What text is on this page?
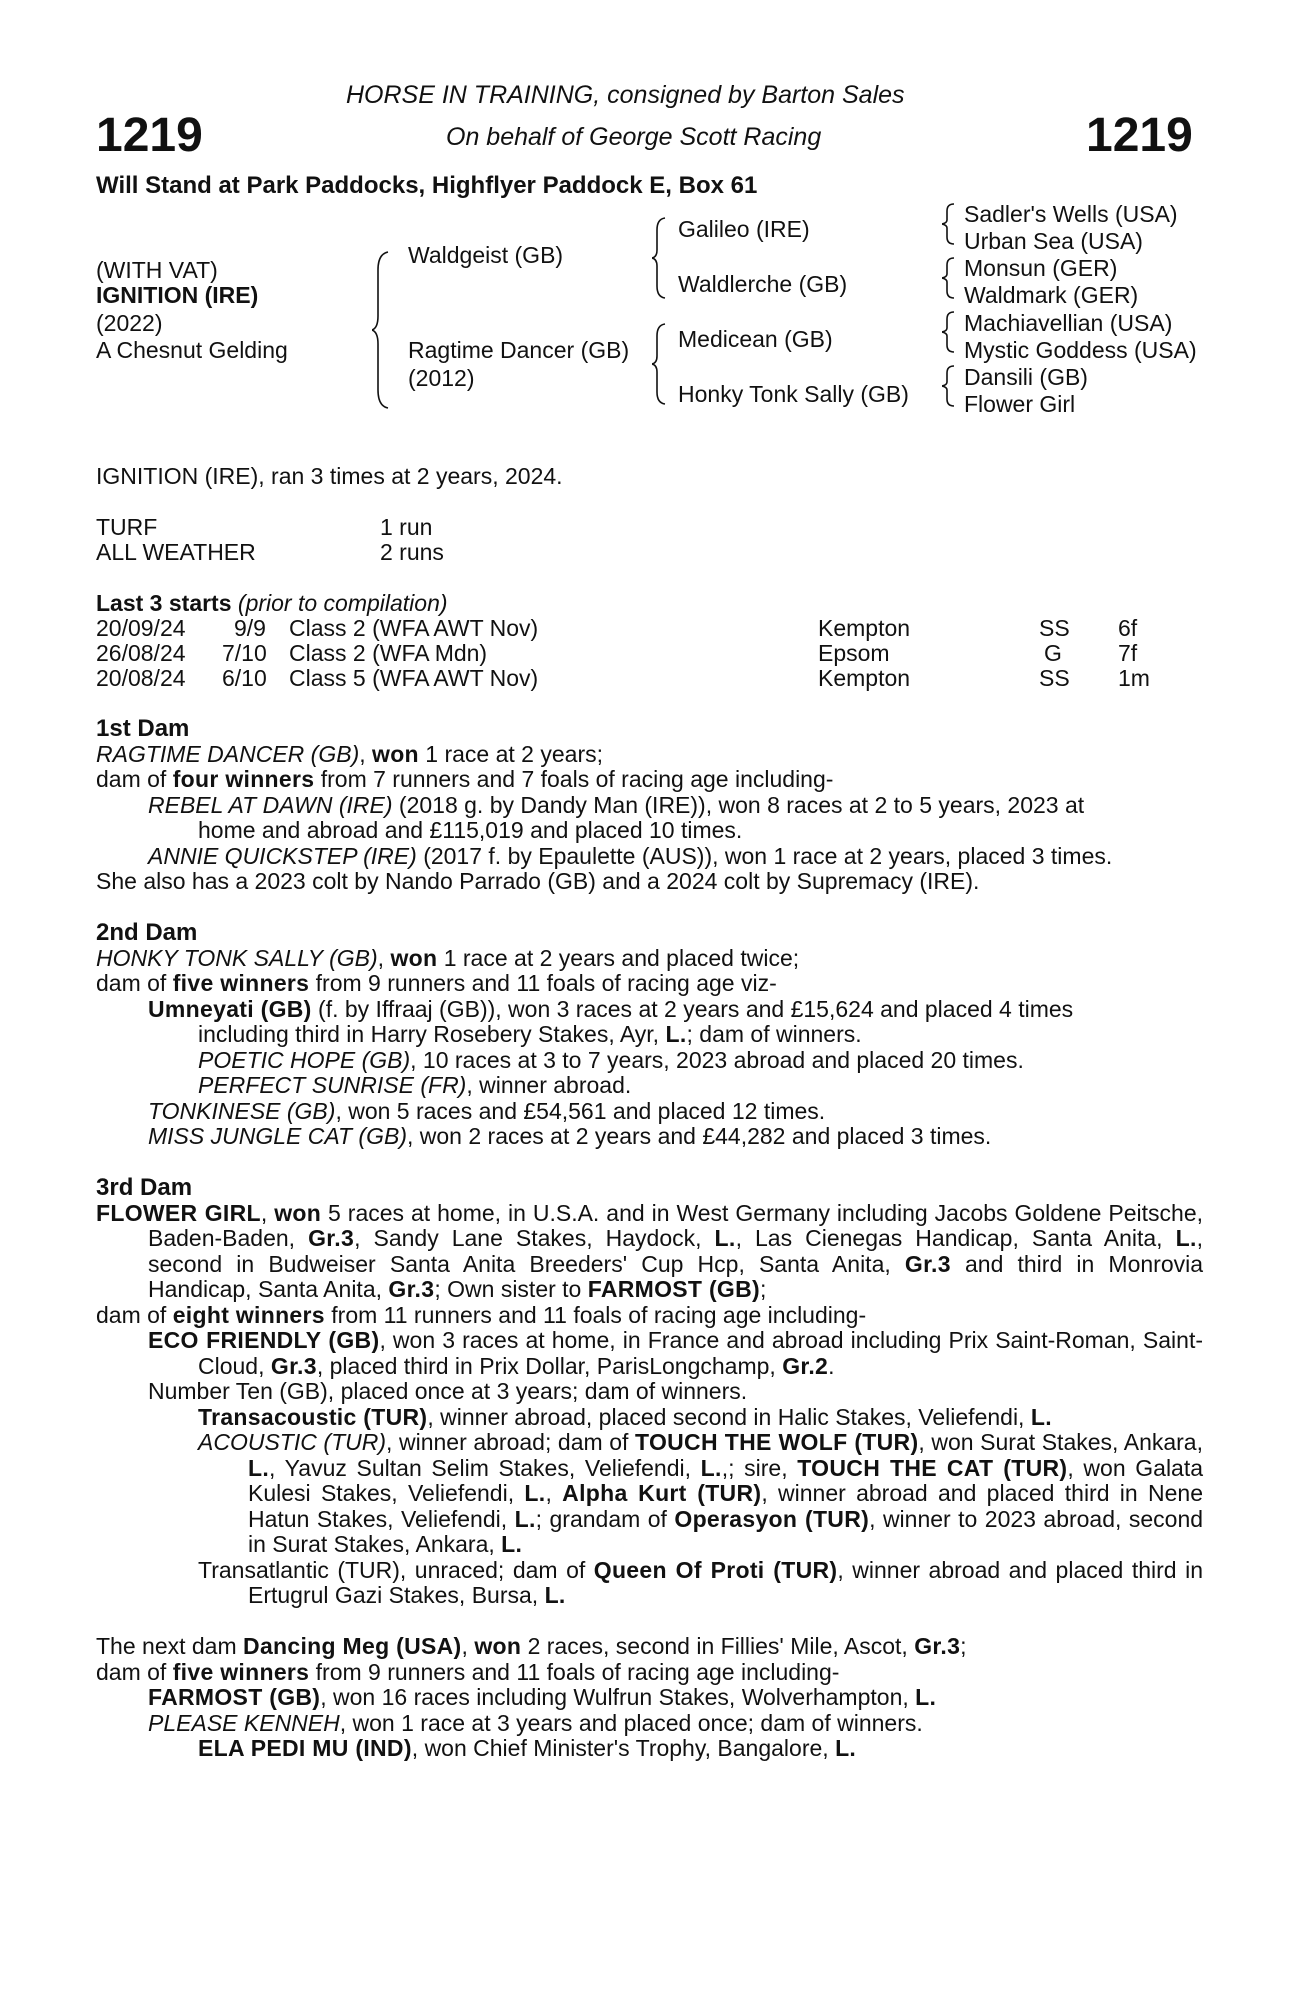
HORSE IN TRAINING, consigned by Barton Sales
1219	On behalf of George Scott Racing	1219
Will Stand at Park Paddocks, Highflyer Paddock E, Box 61
(WITH VAT)
IGNITION (IRE)
(2022)
A Chesnut Gelding
Waldgeist (GB)
Ragtime Dancer (GB)
(2012)
Galileo (IRE)
Waldlerche (GB)
Medicean (GB)
Honky Tonk Sally (GB)
Sadler's Wells (USA)
Urban Sea (USA)
Monsun (GER)
Waldmark (GER)
Machiavellian (USA)
Mystic Goddess (USA)
Dansili (GB)
Flower Girl
IGNITION (IRE), ran 3 times at 2 years, 2024.
TURF	1 run
ALL WEATHER	2 runs
Last 3 starts (prior to compilation)
20/09/24 9/9 Class 2 (WFA AWT Nov)	Kempton	SS 6f
26/08/24 7/10 Class 2 (WFA Mdn)	Epsom	G 7f
20/08/24 6/10 Class 5 (WFA AWT Nov)	Kempton	SS 1m

1st Dam

RAGTIME DANCER (GB), won 1 race at 2 years;

dam of four winners from 7 runners and 7 foals of racing age including-

REBEL AT DAWN (IRE) (2018 g. by Dandy Man (IRE)), won 8 races at 2 to 5 years, 2023 at

home and abroad and £115,019 and placed 10 times.

ANNIE QUICKSTEP (IRE) (2017 f. by Epaulette (AUS)), won 1 race at 2 years, placed 3 times.

She also has a 2023 colt by Nando Parrado (GB) and a 2024 colt by Supremacy (IRE).

2nd Dam

HONKY TONK SALLY (GB), won 1 race at 2 years and placed twice;

dam of five winners from 9 runners and 11 foals of racing age viz-

Umneyati (GB) (f. by Iffraaj (GB)), won 3 races at 2 years and £15,624 and placed 4 times

including third in Harry Rosebery Stakes, Ayr, L.; dam of winners.

POETIC HOPE (GB), 10 races at 3 to 7 years, 2023 abroad and placed 20 times.

PERFECT SUNRISE (FR), winner abroad.

TONKINESE (GB), won 5 races and £54,561 and placed 12 times.

MISS JUNGLE CAT (GB), won 2 races at 2 years and £44,282 and placed 3 times.

3rd Dam

FLOWER GIRL, won 5 races at home, in U.S.A. and in West Germany including Jacobs Goldene Peitsche, Baden-Baden, Gr.3, Sandy Lane Stakes, Haydock, L., Las Cienegas Handicap, Santa Anita, L., second in Budweiser Santa Anita Breeders' Cup Hcp, Santa Anita, Gr.3 and third in Monrovia Handicap, Santa Anita, Gr.3; Own sister to FARMOST (GB);

dam of eight winners from 11 runners and 11 foals of racing age including-

ECO FRIENDLY (GB), won 3 races at home, in France and abroad including Prix Saint-Roman, Saint-Cloud, Gr.3, placed third in Prix Dollar, ParisLongchamp, Gr.2.

Number Ten (GB), placed once at 3 years; dam of winners.

Transacoustic (TUR), winner abroad, placed second in Halic Stakes, Veliefendi, L.

ACOUSTIC (TUR), winner abroad; dam of TOUCH THE WOLF (TUR), won Surat Stakes, Ankara, L., Yavuz Sultan Selim Stakes, Veliefendi, L.,; sire, TOUCH THE CAT (TUR), won Galata Kulesi Stakes, Veliefendi, L., Alpha Kurt (TUR), winner abroad and placed third in Nene Hatun Stakes, Veliefendi, L.; grandam of Operasyon (TUR), winner to 2023 abroad, second in Surat Stakes, Ankara, L.

Transatlantic (TUR), unraced; dam of Queen Of Proti (TUR), winner abroad and placed third in Ertugrul Gazi Stakes, Bursa, L.

The next dam Dancing Meg (USA), won 2 races, second in Fillies' Mile, Ascot, Gr.3;

dam of five winners from 9 runners and 11 foals of racing age including-

FARMOST (GB), won 16 races including Wulfrun Stakes, Wolverhampton, L.

PLEASE KENNEH, won 1 race at 3 years and placed once; dam of winners.

ELA PEDI MU (IND), won Chief Minister's Trophy, Bangalore, L.
